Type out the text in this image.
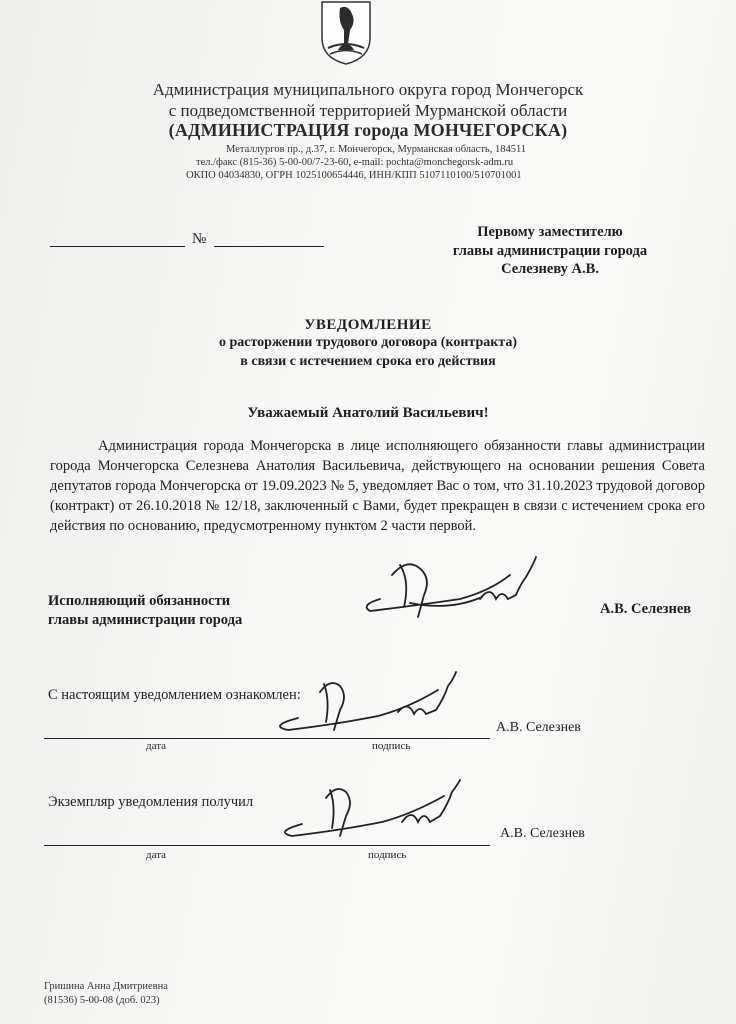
Администрация муниципального округа город Мончегорск
с подведомственной территорией Мурманской области
(АДМИНИСТРАЦИЯ города МОНЧЕГОРСКА)
Металлургов пр., д.37, г. Мончегорск, Мурманская область, 184511
тел./факс (815-36) 5-00-00/7-23-60, e-mail: pochta@monchegorsk-adm.ru
ОКПО 04034830, ОГРН 1025100654446, ИНН/КПП 5107110100/510701001
№	Первому заместителю
главы администрации города
Селезневу А.В.
УВЕДОМЛЕНИЕ
о расторжении трудового договора (контракта)
в связи с истечением срока его действия
Уважаемый Анатолий Васильевич!
Администрация города Мончегорска в лице исполняющего обязанности главы администрации города Мончегорска Селезнева Анатолия Васильевича, действующего на основании решения Совета депутатов города Мончегорска от 19.09.2023 № 5, уведомляет Вас о том, что 31.10.2023 трудовой договор (контракт) от 26.10.2018 № 12/18, заключенный с Вами, будет прекращен в связи с истечением срока его действия по основанию, предусмотренному пунктом 2 части первой.
Исполняющий обязанности
главы администрации города
А.В. Селезнев
С настоящим уведомлением ознакомлен:
дата	подпись
А.В. Селезнев
Экземпляр уведомления получил
дата	подпись
А.В. Селезнев
Гришина Анна Дмитриевна
(81536) 5-00-08 (доб. 023)
